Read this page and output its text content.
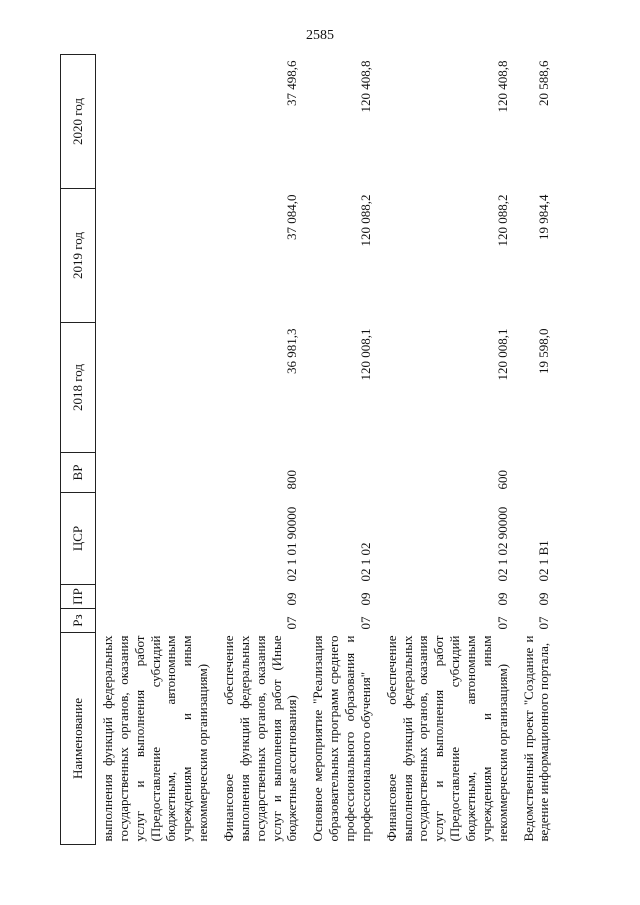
2585
Наименование	Рз	ПР	ЦСР	ВР	2018 год	2019 год	2020 год
выполнения функций федеральных государственных органов, оказания услуг и выполнения работ (Предоставление субсидий бюджетным, автономным учреждениям и иным некоммерческим организациям)							
Финансовое обеспечение выполнения функций федеральных государственных органов, оказания услуг и выполнения работ (Иные бюджетные ассигнования)	07	09	02 1 01 90000	800	36 981,3	37 084,0	37 498,6
Основное мероприятие "Реализация образовательных программ среднего профессионального образования и профессионального обучения"	07	09	02 1 02		120 008,1	120 088,2	120 408,8
Финансовое обеспечение выполнения функций федеральных государственных органов, оказания услуг и выполнения работ (Предоставление субсидий бюджетным, автономным учреждениям и иным некоммерческим организациям)	07	09	02 1 02 90000	600	120 008,1	120 088,2	120 408,8
Ведомственный проект "Создание и ведение информационного портала,	07	09	02 1 В1		19 598,0	19 984,4	20 588,6
